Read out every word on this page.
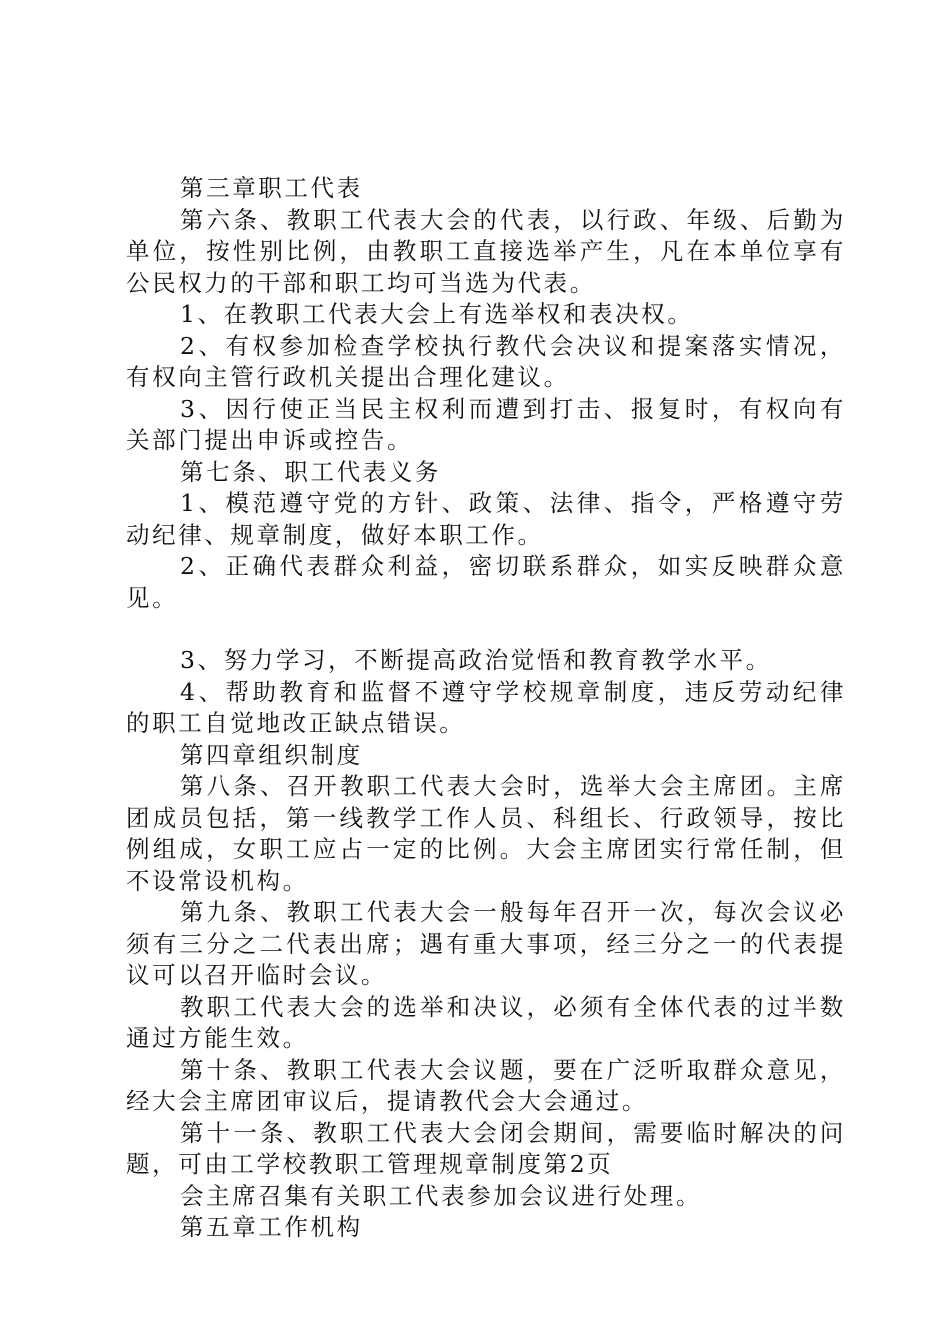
第三章职工代表

第六条、教职工代表大会的代表，以行政、年级、后勤为单位，按性别比例，由教职工直接选举产生，凡在本单位享有公民权力的干部和职工均可当选为代表。

1、在教职工代表大会上有选举权和表决权。

2、有权参加检查学校执行教代会决议和提案落实情况，有权向主管行政机关提出合理化建议。

3、因行使正当民主权利而遭到打击、报复时，有权向有关部门提出申诉或控告。

第七条、职工代表义务

1、模范遵守党的方针、政策、法律、指令，严格遵守劳动纪律、规章制度，做好本职工作。

2、正确代表群众利益，密切联系群众，如实反映群众意见。

3、努力学习，不断提高政治觉悟和教育教学水平。

4、帮助教育和监督不遵守学校规章制度，违反劳动纪律的职工自觉地改正缺点错误。

第四章组织制度

第八条、召开教职工代表大会时，选举大会主席团。主席团成员包括，第一线教学工作人员、科组长、行政领导，按比例组成，女职工应占一定的比例。大会主席团实行常任制，但不设常设机构。

第九条、教职工代表大会一般每年召开一次，每次会议必须有三分之二代表出席；遇有重大事项，经三分之一的代表提议可以召开临时会议。

教职工代表大会的选举和决议，必须有全体代表的过半数通过方能生效。

第十条、教职工代表大会议题，要在广泛听取群众意见，经大会主席团审议后，提请教代会大会通过。

第十一条、教职工代表大会闭会期间，需要临时解决的问题，可由工学校教职工管理规章制度第2页

会主席召集有关职工代表参加会议进行处理。

第五章工作机构
